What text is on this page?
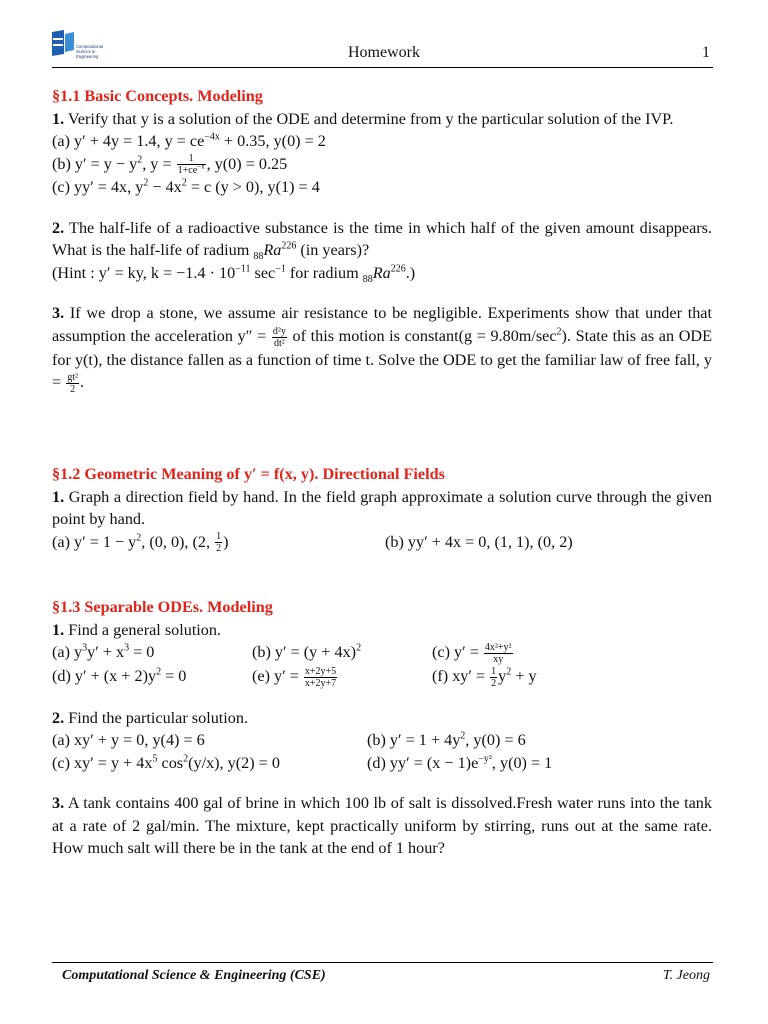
Computational
Science &
Engineering	Homework	1
§1.1 Basic Concepts. Modeling
1. Verify that y is a solution of the ODE and determine from y the particular solution of the IVP.
(a) y′ + 4y = 1.4, $y = ce^{-4x} + 0.35$, y(0) = 2
(b) $y' = y - y^2$, $y = \frac{1}{1+ce^{-x}}$ , y(0) = 0.25
(c) yy′ = 4x, $y^2 - 4x^2 = c$ (y > 0), y(1) = 4
2. The half-life of a radioactive substance is the time in which half of the given amount disappears. What is the half-life of radium $_{88}Ra^{226}$ (in years)?
(Hint : y′ = ky, $k = -1.4 \cdot 10^{-11}$ $\sec^{-1}$ for radium $_{88}Ra^{226}$.)
3. If we drop a stone, we assume air resistance to be negligible. Experiments show that under that assumption the acceleration $y'' = \frac{\text{d²y}}{\text{dt²}}$ of this motion is constant(g = $9.80m/\sec^2$). State this as an ODE for y(t), the distance fallen as a function of time t. Solve the ODE to get the familiar law of free fall, $y = \frac{\text{gt²}}{2}$ .
§1.2 Geometric Meaning of y′ = f(x, y). Directional Fields
1. Graph a direction field by hand. In the field graph approximate a solution curve through the given point by hand.
(a) $y' = 1 - y^2$, (0, 0), (2, $\frac{1}{2}$ )	(b) yy′ + 4x = 0, (1, 1), (0, 2)
§1.3 Separable ODEs. Modeling
1. Find a general solution.
(a) $y^3y' + x^3 = 0$	(b) $y' = (y + 4x)^2$	(c) $y' = \frac{\text{4x²+y²}}{xy}$
(d) $y' + (x + 2)y^2 = 0$	(e) $y' = \frac{x+2y+5}{x+2y+7}$	(f) $xy' = \frac{1}{2} y^2 + y$
2. Find the particular solution.
(a) xy′ + y = 0, y(4) = 6	(b) $y' = 1 + 4y^2$, y(0) = 6
(c) $xy' = y + 4x^5$ $\cos^2(y/x)$, y(2) = 0	(d) $yy' = (x - 1)e^{-y^2}$, y(0) = 1
3. A tank contains 400 gal of brine in which 100 lb of salt is dissolved.Fresh water runs into the tank at a rate of 2 gal/min. The mixture, kept practically uniform by stirring, runs out at the same rate. How much salt will there be in the tank at the end of 1 hour?
Computational Science & Engineering (CSE)	T. Jeong
